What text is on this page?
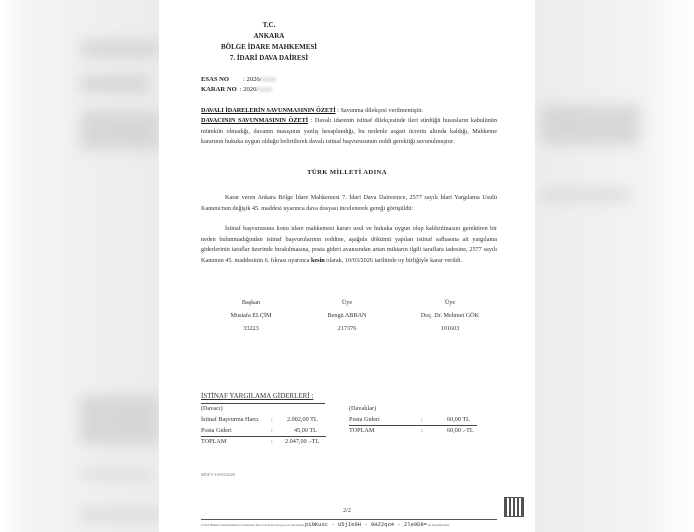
T.C.
ANKARA
BÖLGE İDARE MAHKEMESİ
7. İDARİ DAVA DAİRESİ
ESAS NO : 2026/
KARAR NO : 2026/
DAVALI İDARELERİN SAVUNMASININ ÖZETİ : Savunma dilekçesi verilmemiştir.
DAVACININ SAVUNMASININ ÖZETİ : Davalı idarenin istinaf dilekçesinde ileri sürdüğü hususların kabulünün mümkün olmadığı, davanın masışının yanlış hesaplandığı, bu nedenle asgari ücretin altında kaldığı, Mahkeme kararının hukuka uygun olduğu belirtilerek davalı istinaf başvurusunun reddi gerektiği savunulmuştur.
TÜRK MİLLETİ ADINA
Karar veren Ankara Bölge İdare Mahkemesi 7. İdari Dava Dairesince, 2577 sayılı İdari Yargılama Usulü Kanunu'nun değişik 45. maddesi uyarınca dava dosyası incelenerek gereği görüşüldü:
İstinaf başvurusuna konu idare mahkemesi kararı usul ve hukuka uygun olup kaldırılmasını gerektiren bir neden bulunmadığından istinaf başvurularının reddine, aşağıda dökümü yapılan istinaf safhasına ait yargılama giderlerinin taraflar üzerinde bırakılmasına, posta gideri avansından artan miktarın ilgili taraflara iadesine, 2577 sayılı Kanunun 45. maddesinin 6. fıkrası uyarınca kesin olarak, 10/03/2026 tarihinde oy birliğiyle karar verildi.
Başkan
Mustafa ELÇİM
33223
Üye
Bengü ABBAN
217376
Üye
Doç. Dr. Mehmet GÖK
101603
İSTİNAF YARGILAMA GİDERLERİ :
(Davacı)
İstinaf Başvurma Harcı : 2.002,00 TL
Posta Gideri	:	45,00 TL
TOPLAM	: 2.047,00 .-TL
(Davalılar)
Posta Gideri	:	60,00 TL
TOPLAM	:	60,00 .-TL
MGFT-10/03/2026
2/2
UYAP Bilişim Sistemindeki bu dokümana http://vatandas.uyap.gov.tr adresinden piNKusc - U5jIe9H - 0HZ2qu4 - Zle9D8= ile erişebilirsiniz.
